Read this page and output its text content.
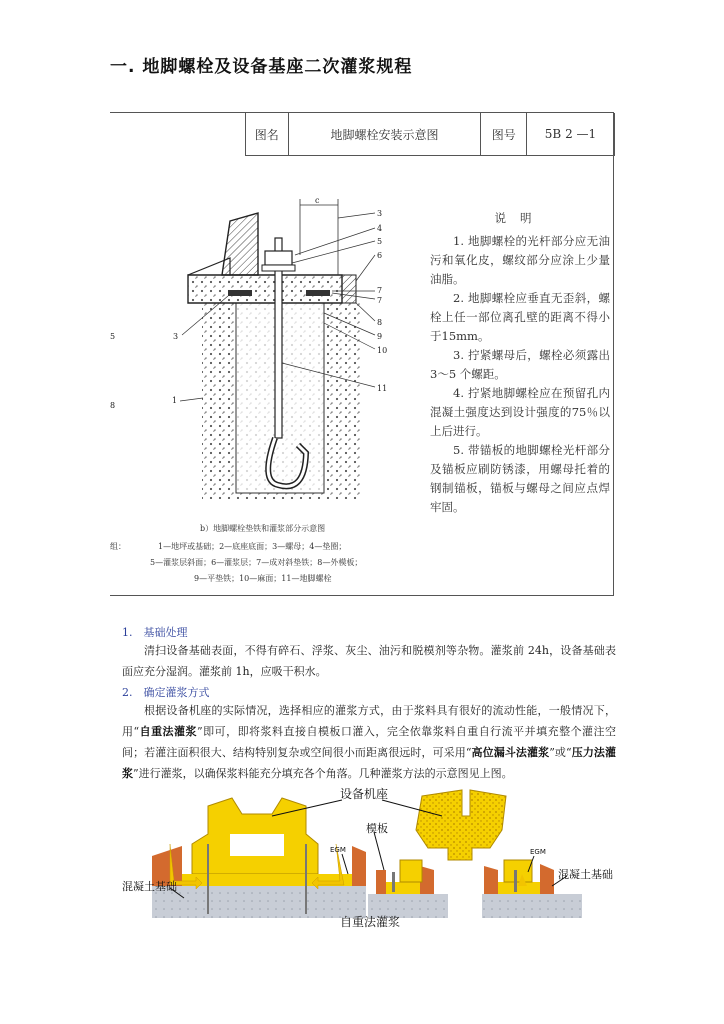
一. 地脚螺栓及设备基座二次灌浆规程
图名	地脚螺栓安装示意图	图号	5B 2 —1
3
4
5
6
7
7
8
9
10
11
1
3
c
5
8
说明

1. 地脚螺栓的光杆部分应无油污和氧化皮，螺纹部分应涂上少量油脂。

2. 地脚螺栓应垂直无歪斜，螺栓上任一部位离孔壁的距离不得小于15mm。

3. 拧紧螺母后，螺栓必须露出3～5 个螺距。

4. 拧紧地脚螺栓应在预留孔内混凝土强度达到设计强度的75％以上后进行。

5. 带锚板的地脚螺栓光杆部分及锚板应刷防锈漆，用螺母托着的钢制锚板，锚板与螺母之间应点焊牢固。

b）地脚螺栓垫铁和灌浆部分示意图
组：	1—地坪或基础；2—底座底面；3—螺母；4—垫圈；
5—灌浆层斜面；6—灌浆层；7—成对斜垫铁；8—外模板；
9—平垫铁；10—麻面；11—地脚螺栓
1.　基础处理
清扫设备基础表面，不得有碎石、浮浆、灰尘、油污和脱模剂等杂物。灌浆前 24h，设备基础表面应充分湿润。灌浆前 1h，应吸干积水。
2.　确定灌浆方式
根据设备机座的实际情况，选择相应的灌浆方式，由于浆料具有很好的流动性能，一般情况下，用“自重法灌浆”即可，即将浆料直接自模板口灌入，完全依靠浆料自重自行流平并填充整个灌注空间；若灌注面积很大、结构特别复杂或空间很小而距离很远时，可采用“高位漏斗法灌浆”或“压力法灌浆”进行灌浆，以确保浆料能充分填充各个角落。几种灌浆方法的示意图见上图。
设备机座
模板
EGM	EGM
混凝土基础
混凝土基础
自重法灌浆
